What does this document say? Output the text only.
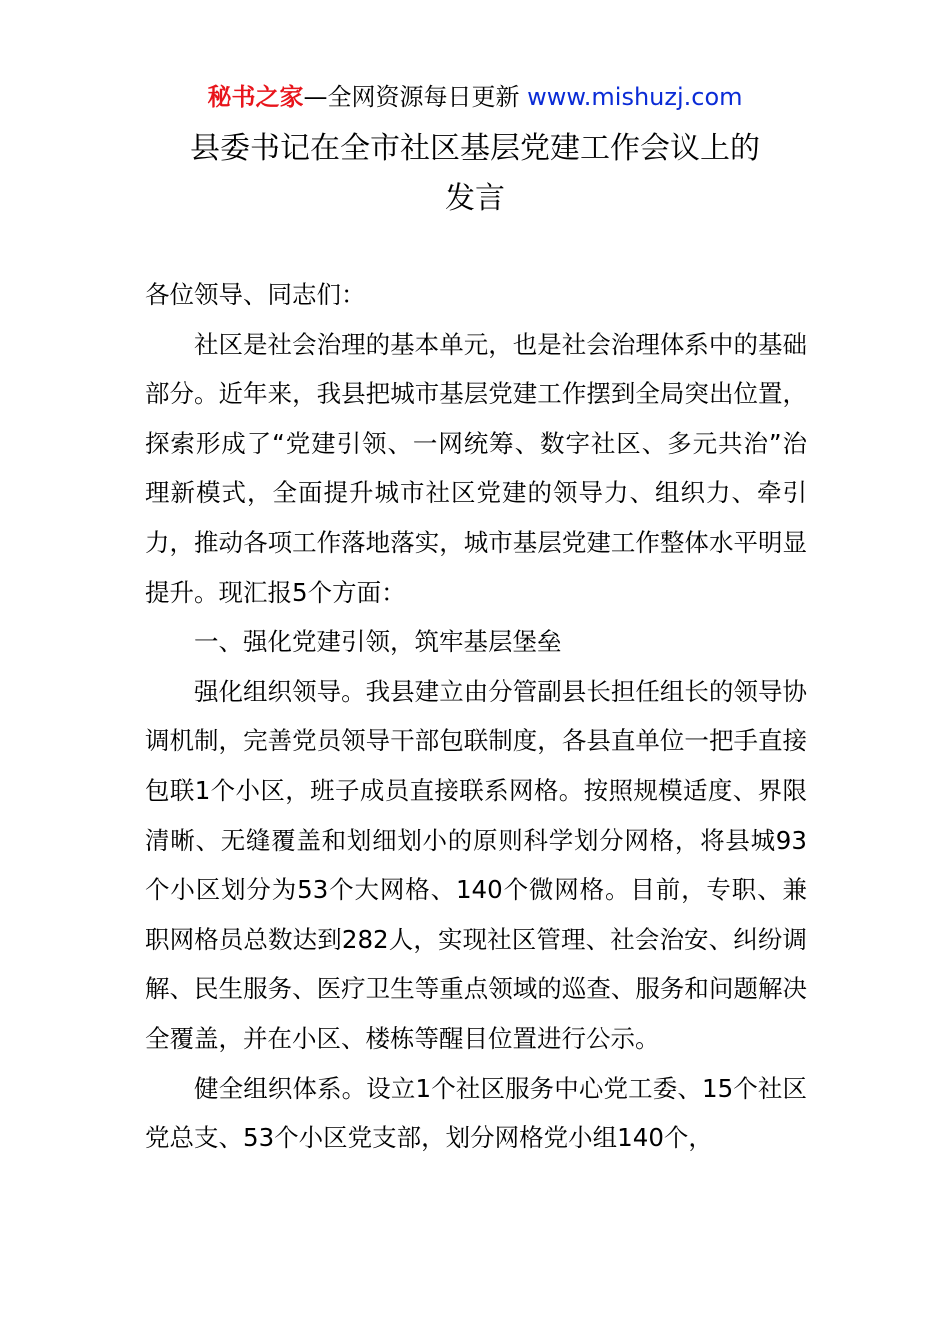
秘书之家—全网资源每日更新 www.mishuzj.com
县委书记在全市社区基层党建工作会议上的
发言

各位领导、同志们：

社区是社会治理的基本单元，也是社会治理体系中的基础部分。近年来，我县把城市基层党建工作摆到全局突出位置，探索形成了“党建引领、一网统筹、数字社区、多元共治”治理新模式，全面提升城市社区党建的领导力、组织力、牵引力，推动各项工作落地落实，城市基层党建工作整体水平明显提升。现汇报5个方面：

一、强化党建引领，筑牢基层堡垒

强化组织领导。我县建立由分管副县长担任组长的领导协调机制，完善党员领导干部包联制度，各县直单位一把手直接包联1个小区，班子成员直接联系网格。按照规模适度、界限清晰、无缝覆盖和划细划小的原则科学划分网格，将县城93个小区划分为53个大网格、140个微网格。目前，专职、兼职网格员总数达到282人，实现社区管理、社会治安、纠纷调解、民生服务、医疗卫生等重点领域的巡查、服务和问题解决全覆盖，并在小区、楼栋等醒目位置进行公示。

健全组织体系。设立1个社区服务中心党工委、15个社区党总支、53个小区党支部，划分网格党小组140个，
